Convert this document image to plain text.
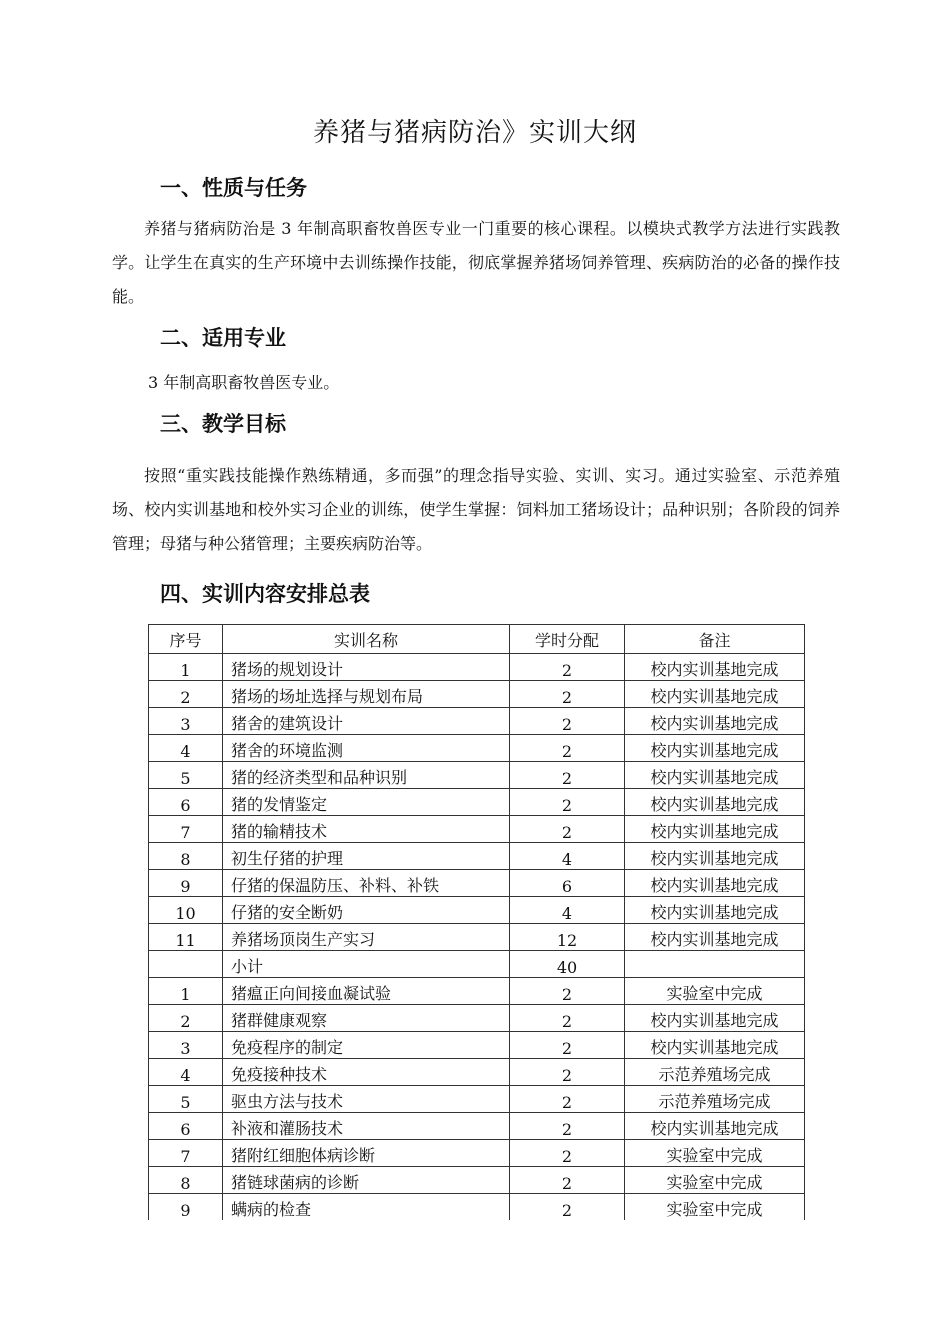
养猪与猪病防治》实训大纲
一、性质与任务
养猪与猪病防治是 3 年制高职畜牧兽医专业一门重要的核心课程。以模块式教学方法进行实践教学。让学生在真实的生产环境中去训练操作技能，彻底掌握养猪场饲养管理、疾病防治的必备的操作技能。
二、适用专业
3 年制高职畜牧兽医专业。
三、教学目标
按照“重实践技能操作熟练精通，多而强”的理念指导实验、实训、实习。通过实验室、示范养殖场、校内实训基地和校外实习企业的训练，使学生掌握：饲料加工猪场设计；品种识别；各阶段的饲养管理；母猪与种公猪管理；主要疾病防治等。
四、实训内容安排总表
序号	实训名称	学时分配	备注
1	猪场的规划设计	2	校内实训基地完成
2	猪场的场址选择与规划布局	2	校内实训基地完成
3	猪舍的建筑设计	2	校内实训基地完成
4	猪舍的环境监测	2	校内实训基地完成
5	猪的经济类型和品种识别	2	校内实训基地完成
6	猪的发情鉴定	2	校内实训基地完成
7	猪的输精技术	2	校内实训基地完成
8	初生仔猪的护理	4	校内实训基地完成
9	仔猪的保温防压、补料、补铁	6	校内实训基地完成
10	仔猪的安全断奶	4	校内实训基地完成
11	养猪场顶岗生产实习	12	校内实训基地完成
	小计	40	
1	猪瘟正向间接血凝试验	2	实验室中完成
2	猪群健康观察	2	校内实训基地完成
3	免疫程序的制定	2	校内实训基地完成
4	免疫接种技术	2	示范养殖场完成
5	驱虫方法与技术	2	示范养殖场完成
6	补液和灌肠技术	2	校内实训基地完成
7	猪附红细胞体病诊断	2	实验室中完成
8	猪链球菌病的诊断	2	实验室中完成
9	螨病的检查	2	实验室中完成
